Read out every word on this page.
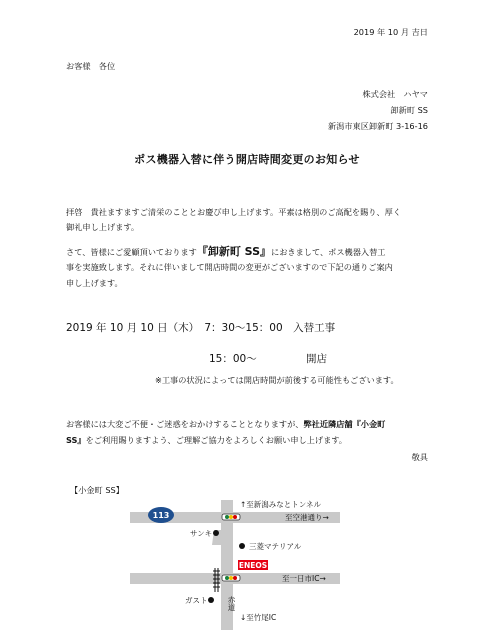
2019 年 10 月 吉日
お客様　各位
株式会社　ハヤマ
卸新町 SS
新潟市東区卸新町 3-16-16
ポス機器入替に伴う開店時間変更のお知らせ
拝啓　貴社ますますご清栄のこととお慶び申し上げます。平素は格別のご高配を賜り、厚く
御礼申し上げます。
さて、皆様にご愛顧頂いております『卸新町 SS』におきまして、ポス機器入替工
事を実施致します。それに伴いまして開店時間の変更がございますので下記の通りご案内
申し上げます。
2019 年 10 月 10 日（木）　7：30～15：00　入替工事
15：00～	開店
※工事の状況によっては開店時間が前後する可能性もございます。
お客様には大変ご不便・ご迷惑をおかけすることとなりますが、弊社近隣店舗『小金町
SS』をご利用賜りますよう、ご理解ご協力をよろしくお願い申し上げます。
敬具
【小金町 SS】
113
ENEOS
↑至新潟みなとトンネル
至空港通り→
サンキ
三菱マテリアル
至一日市IC→
ガスト
↓至竹尾IC
赤道
